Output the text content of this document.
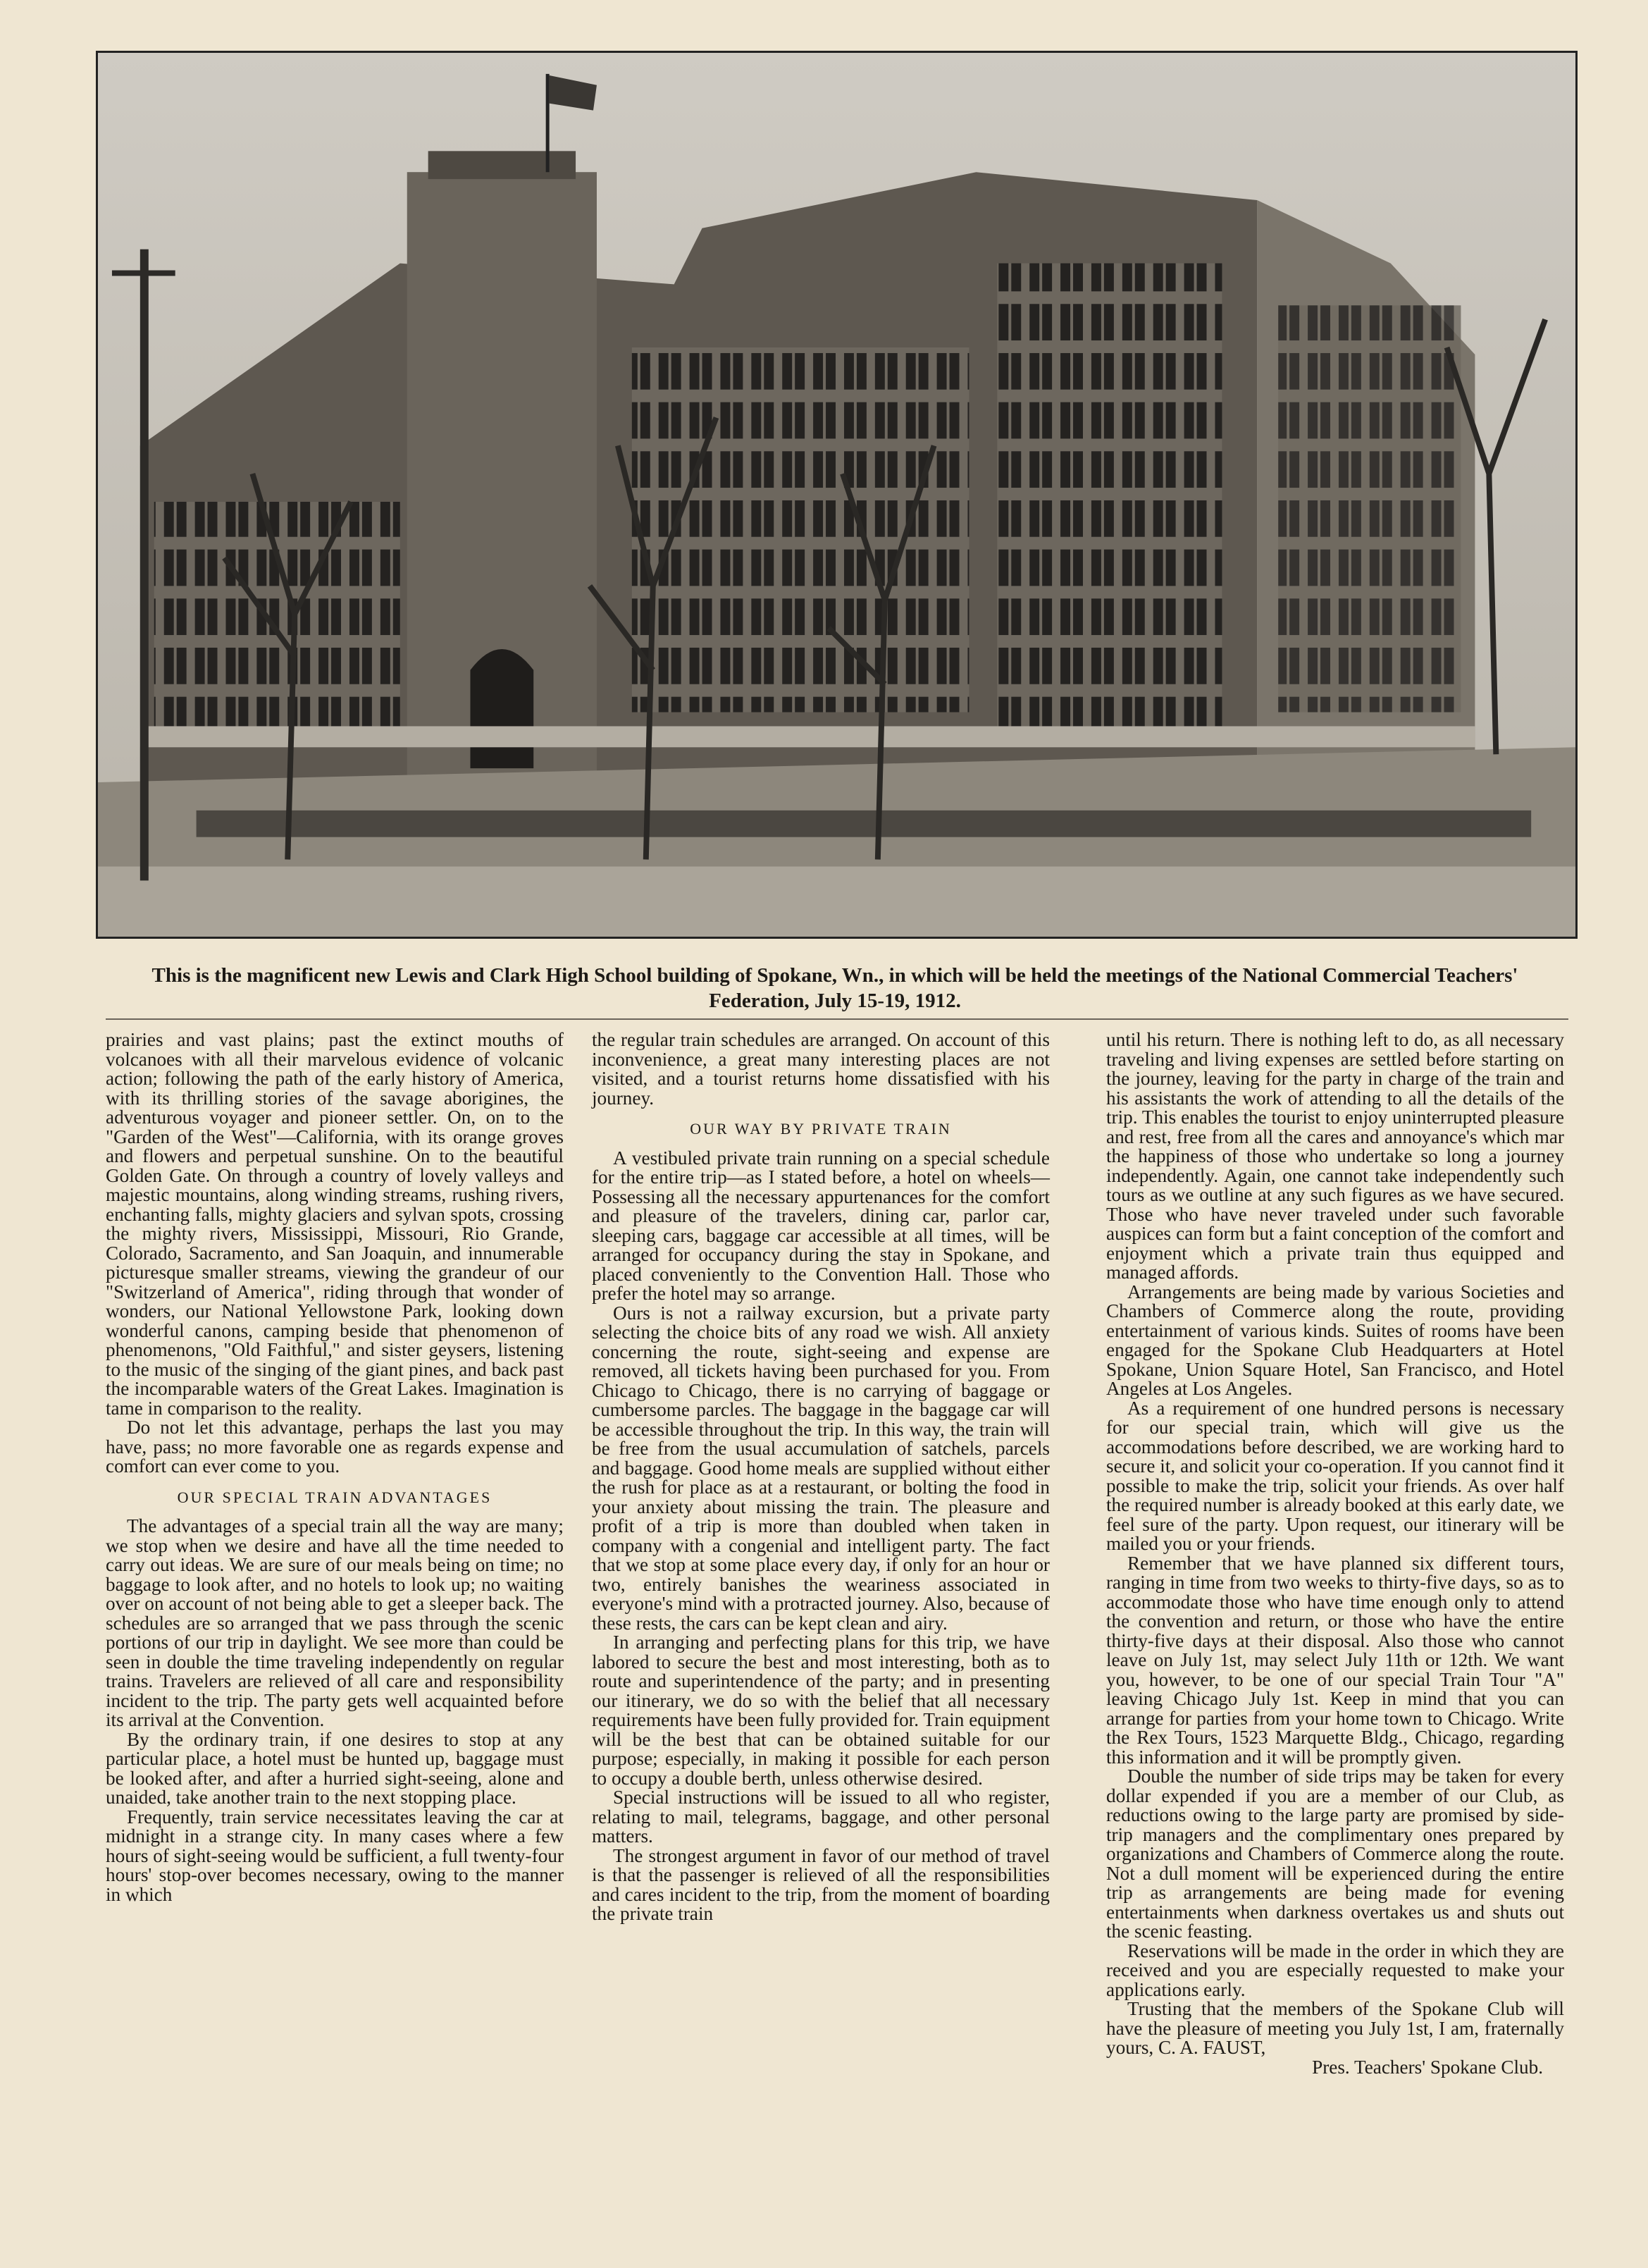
This is the magnificent new Lewis and Clark High School building of Spokane, Wn., in which will be held the meetings of the National Commercial Teachers' Federation, July 15-19, 1912.

prairies and vast plains; past the extinct mouths of volcanoes with all their marvelous evidence of volcanic action; following the path of the early history of America, with its thrilling stories of the savage aborigines, the adventurous voyager and pioneer settler. On, on to the "Garden of the West"—California, with its orange groves and flowers and perpetual sunshine. On to the beautiful Golden Gate. On through a country of lovely valleys and majestic mountains, along winding streams, rushing rivers, enchanting falls, mighty glaciers and sylvan spots, crossing the mighty rivers, Mississippi, Missouri, Rio Grande, Colorado, Sacramento, and San Joaquin, and innumerable picturesque smaller streams, viewing the grandeur of our "Switzerland of America", riding through that wonder of wonders, our National Yellowstone Park, looking down wonderful canons, camping beside that phenomenon of phenomenons, "Old Faithful," and sister geysers, listening to the music of the singing of the giant pines, and back past the incomparable waters of the Great Lakes. Imagination is tame in comparison to the reality.

Do not let this advantage, perhaps the last you may have, pass; no more favorable one as regards expense and comfort can ever come to you.

OUR SPECIAL TRAIN ADVANTAGES

The advantages of a special train all the way are many; we stop when we desire and have all the time needed to carry out ideas. We are sure of our meals being on time; no baggage to look after, and no hotels to look up; no waiting over on account of not being able to get a sleeper back. The schedules are so arranged that we pass through the scenic portions of our trip in daylight. We see more than could be seen in double the time traveling independently on regular trains. Travelers are relieved of all care and responsibility incident to the trip. The party gets well acquainted before its arrival at the Convention.

By the ordinary train, if one desires to stop at any particular place, a hotel must be hunted up, baggage must be looked after, and after a hurried sight-seeing, alone and unaided, take another train to the next stopping place.

Frequently, train service necessitates leaving the car at midnight in a strange city. In many cases where a few hours of sight-seeing would be sufficient, a full twenty-four hours' stop-over becomes necessary, owing to the manner in which

the regular train schedules are arranged. On account of this inconvenience, a great many interesting places are not visited, and a tourist returns home dissatisfied with his journey.

OUR WAY BY PRIVATE TRAIN

A vestibuled private train running on a special schedule for the entire trip—as I stated before, a hotel on wheels—Possessing all the necessary appurtenances for the comfort and pleasure of the travelers, dining car, parlor car, sleeping cars, baggage car accessible at all times, will be arranged for occupancy during the stay in Spokane, and placed conveniently to the Convention Hall. Those who prefer the hotel may so arrange.

Ours is not a railway excursion, but a private party selecting the choice bits of any road we wish. All anxiety concerning the route, sight-seeing and expense are removed, all tickets having been purchased for you. From Chicago to Chicago, there is no carrying of baggage or cumbersome parcles. The baggage in the baggage car will be accessible throughout the trip. In this way, the train will be free from the usual accumulation of satchels, parcels and baggage. Good home meals are supplied without either the rush for place as at a restaurant, or bolting the food in your anxiety about missing the train. The pleasure and profit of a trip is more than doubled when taken in company with a congenial and intelligent party. The fact that we stop at some place every day, if only for an hour or two, entirely banishes the weariness associated in everyone's mind with a protracted journey. Also, because of these rests, the cars can be kept clean and airy.

In arranging and perfecting plans for this trip, we have labored to secure the best and most interesting, both as to route and superintendence of the party; and in presenting our itinerary, we do so with the belief that all necessary requirements have been fully provided for. Train equipment will be the best that can be obtained suitable for our purpose; especially, in making it possible for each person to occupy a double berth, unless otherwise desired.

Special instructions will be issued to all who register, relating to mail, telegrams, baggage, and other personal matters.

The strongest argument in favor of our method of travel is that the passenger is relieved of all the responsibilities and cares incident to the trip, from the moment of boarding the private train

until his return. There is nothing left to do, as all necessary traveling and living expenses are settled before starting on the journey, leaving for the party in charge of the train and his assistants the work of attending to all the details of the trip. This enables the tourist to enjoy uninterrupted pleasure and rest, free from all the cares and annoyance's which mar the happiness of those who undertake so long a journey independently. Again, one cannot take independently such tours as we outline at any such figures as we have secured. Those who have never traveled under such favorable auspices can form but a faint conception of the comfort and enjoyment which a private train thus equipped and managed affords.

Arrangements are being made by various Societies and Chambers of Commerce along the route, providing entertainment of various kinds. Suites of rooms have been engaged for the Spokane Club Headquarters at Hotel Spokane, Union Square Hotel, San Francisco, and Hotel Angeles at Los Angeles.

As a requirement of one hundred persons is necessary for our special train, which will give us the accommodations before described, we are working hard to secure it, and solicit your co-operation. If you cannot find it possible to make the trip, solicit your friends. As over half the required number is already booked at this early date, we feel sure of the party. Upon request, our itinerary will be mailed you or your friends.

Remember that we have planned six different tours, ranging in time from two weeks to thirty-five days, so as to accommodate those who have time enough only to attend the convention and return, or those who have the entire thirty-five days at their disposal. Also those who cannot leave on July 1st, may select July 11th or 12th. We want you, however, to be one of our special Train Tour "A" leaving Chicago July 1st. Keep in mind that you can arrange for parties from your home town to Chicago. Write the Rex Tours, 1523 Marquette Bldg., Chicago, regarding this information and it will be promptly given.

Double the number of side trips may be taken for every dollar expended if you are a member of our Club, as reductions owing to the large party are promised by side-trip managers and the complimentary ones prepared by organizations and Chambers of Commerce along the route. Not a dull moment will be experienced during the entire trip as arrangements are being made for evening entertainments when darkness overtakes us and shuts out the scenic feasting.

Reservations will be made in the order in which they are received and you are especially requested to make your applications early.

Trusting that the members of the Spokane Club will have the pleasure of meeting you July 1st, I am, fraternally yours, C. A. FAUST,

Pres. Teachers' Spokane Club.
